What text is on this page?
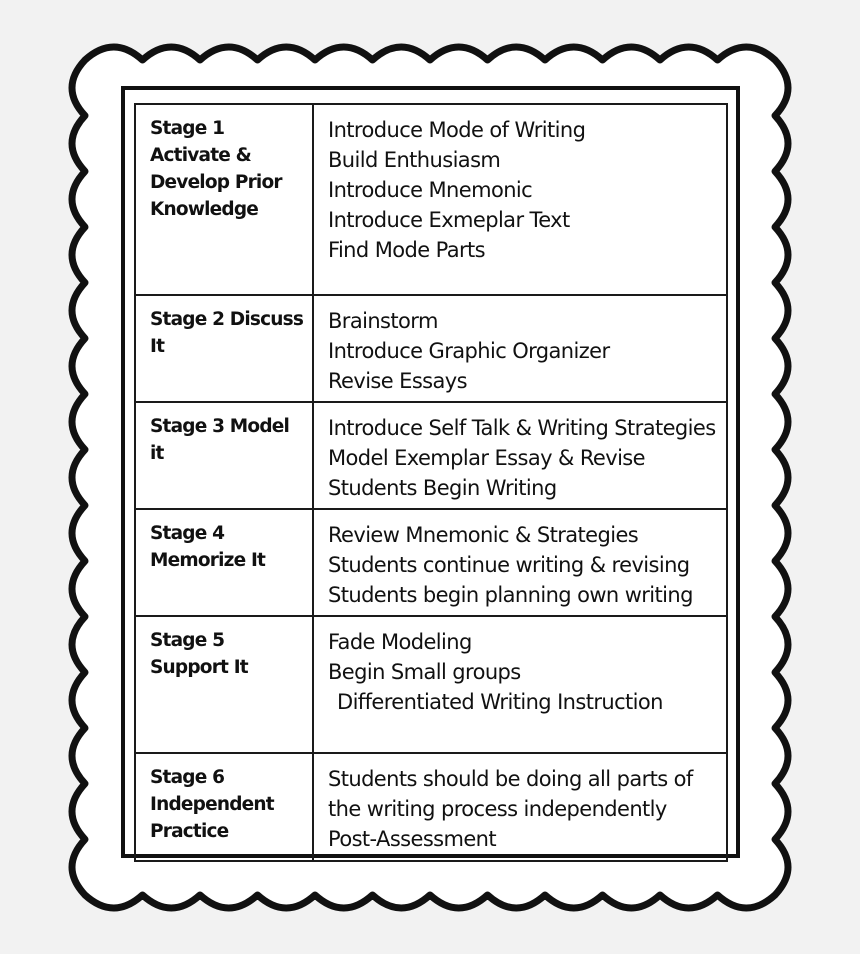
Stage 1 Activate & Develop Prior Knowledge	Introduce Mode of Writing
Build Enthusiasm
Introduce Mnemonic
Introduce Exmeplar Text
Find Mode Parts

Stage 2 Discuss It	Brainstorm
Introduce Graphic Organizer
Revise Essays

Stage 3 Model it	Introduce Self Talk & Writing Strategies
Model Exemplar Essay & Revise
Students Begin Writing

Stage 4 Memorize It	Review Mnemonic & Strategies
Students continue writing & revising
Students begin planning own writing

Stage 5 Support It	Fade Modeling
Begin Small groups
Differentiated Writing Instruction

Stage 6 Independent Practice	Students should be doing all parts of the writing process independently
Post-Assessment
